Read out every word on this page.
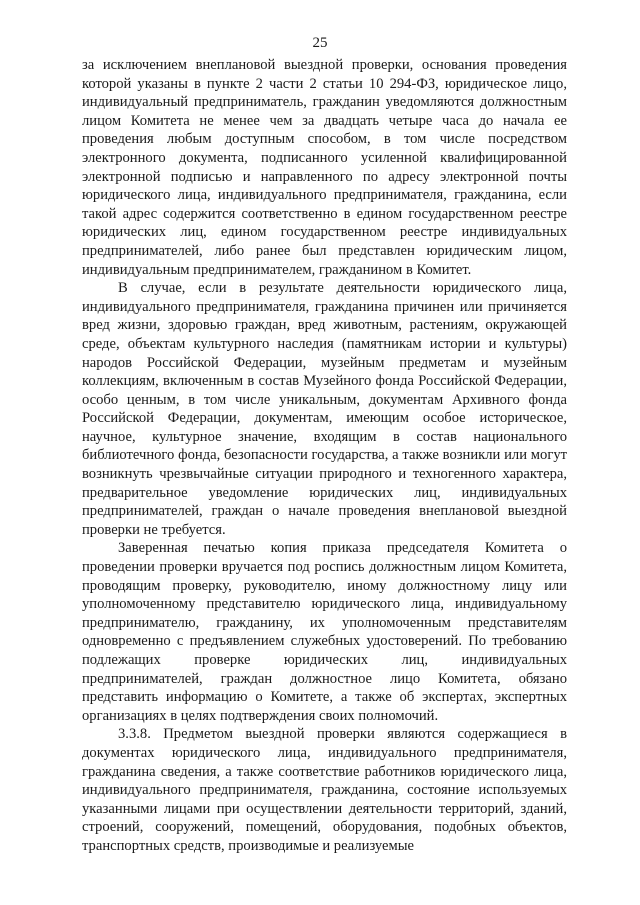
25

за исключением внеплановой выездной проверки, основания проведения которой указаны в пункте 2 части 2 статьи 10 294-ФЗ, юридическое лицо, индивидуальный предприниматель, гражданин уведомляются должностным лицом Комитета не менее чем за двадцать четыре часа до начала ее проведения любым доступным способом, в том числе посредством электронного документа, подписанного усиленной квалифицированной электронной подписью и направленного по адресу электронной почты юридического лица, индивидуального предпринимателя, гражданина, если такой адрес содержится соответственно в едином государственном реестре юридических лиц, едином государственном реестре индивидуальных предпринимателей, либо ранее был представлен юридическим лицом, индивидуальным предпринимателем, гражданином в Комитет.

В случае, если в результате деятельности юридического лица, индивидуального предпринимателя, гражданина причинен или причиняется вред жизни, здоровью граждан, вред животным, растениям, окружающей среде, объектам культурного наследия (памятникам истории и культуры) народов Российской Федерации, музейным предметам и музейным коллекциям, включенным в состав Музейного фонда Российской Федерации, особо ценным, в том числе уникальным, документам Архивного фонда Российской Федерации, документам, имеющим особое историческое, научное, культурное значение, входящим в состав национального библиотечного фонда, безопасности государства, а также возникли или могут возникнуть чрезвычайные ситуации природного и техногенного характера, предварительное уведомление юридических лиц, индивидуальных предпринимателей, граждан о начале проведения внеплановой выездной проверки не требуется.

Заверенная печатью копия приказа председателя Комитета о проведении проверки вручается под роспись должностным лицом Комитета, проводящим проверку, руководителю, иному должностному лицу или уполномоченному представителю юридического лица, индивидуальному предпринимателю, гражданину, их уполномоченным представителям одновременно с предъявлением служебных удостоверений. По требованию подлежащих проверке юридических лиц, индивидуальных предпринимателей, граждан должностное лицо Комитета, обязано представить информацию о Комитете, а также об экспертах, экспертных организациях в целях подтверждения своих полномочий.

3.3.8. Предметом выездной проверки являются содержащиеся в документах юридического лица, индивидуального предпринимателя, гражданина сведения, а также соответствие работников юридического лица, индивидуального предпринимателя, гражданина, состояние используемых указанными лицами при осуществлении деятельности территорий, зданий, строений, сооружений, помещений, оборудования, подобных объектов, транспортных средств, производимые и реализуемые
